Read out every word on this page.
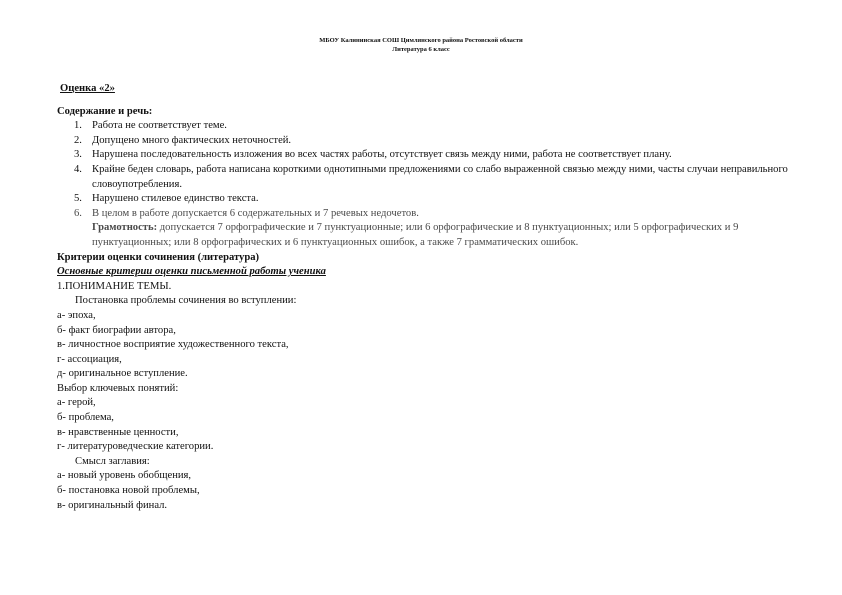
МБОУ Калининская СОШ Цимлянского района Ростовской области
Литература 6 класс
Оценка «2»
Содержание и речь:
1. Работа не соответствует теме.
2. Допущено много фактических неточностей.
3. Нарушена последовательность изложения во всех частях работы, отсутствует связь между ними, работа не соответствует плану.
4. Крайне беден словарь, работа написана короткими однотипными предложениями со слабо выраженной связью между ними, часты случаи неправильного словоупотребления.
5. Нарушено стилевое единство текста.
6. В целом в работе допускается 6 содержательных и 7 речевых недочетов.
Грамотность: допускается 7 орфографические и 7 пунктуационные; или 6 орфографические и 8 пунктуационных; или 5 орфографических и 9 пунктуационных; или 8 орфографических и 6 пунктуационных ошибок, а также 7 грамматических ошибок.
Критерии оценки сочинения (литература)
Основные критерии оценки письменной работы ученика
1.ПОНИМАНИЕ ТЕМЫ.
Постановка проблемы сочинения во вступлении:
а- эпоха,
б- факт биографии автора,
в- личностное восприятие художественного текста,
г- ассоциация,
д- оригинальное вступление.
Выбор ключевых понятий:
а- герой,
б- проблема,
в- нравственные ценности,
г- литературоведческие категории.
Смысл заглавия:
а- новый уровень обобщения,
б- постановка новой проблемы,
в- оригинальный финал.
